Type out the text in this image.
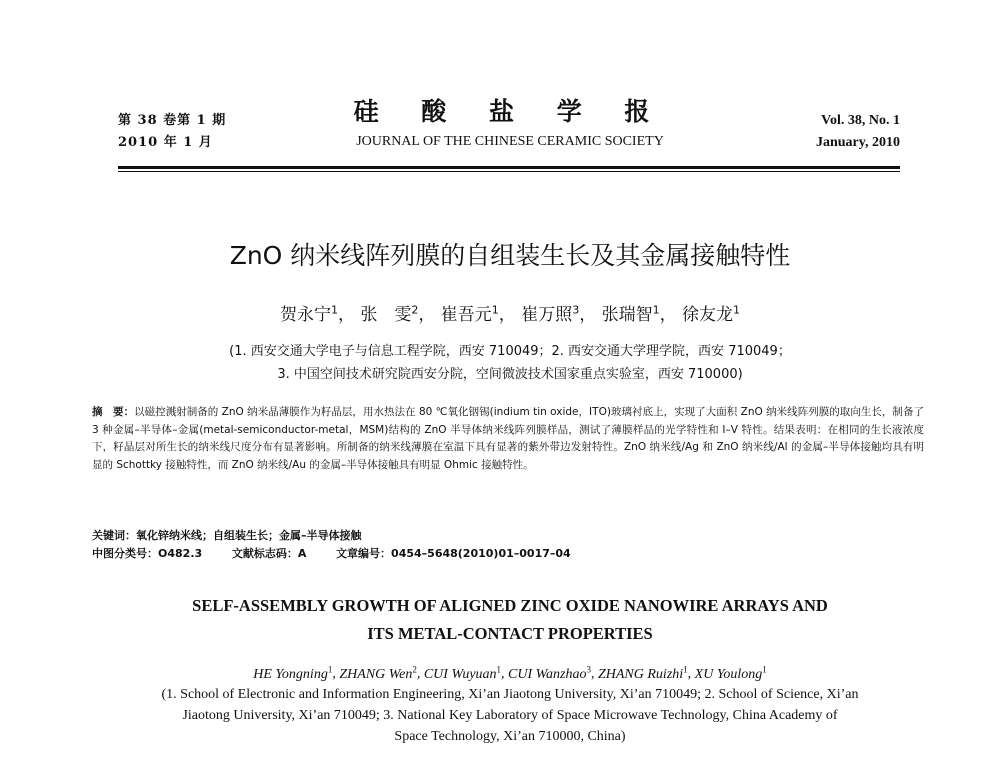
第 38 卷第 1 期
2010 年 1 月
硅 酸 盐 学 报
JOURNAL OF THE CHINESE CERAMIC SOCIETY
Vol. 38, No. 1
January, 2010
ZnO 纳米线阵列膜的自组装生长及其金属接触特性
贺永宁$^1$， 张　雯$^2$， 崔吾元$^1$， 崔万照$^3$， 张瑞智$^1$， 徐友龙$^1$
(1. 西安交通大学电子与信息工程学院，西安 710049；2. 西安交通大学理学院，西安 710049；
3. 中国空间技术研究院西安分院，空间微波技术国家重点实验室，西安 710000)
摘　要：以磁控溅射制备的 ZnO 纳米晶薄膜作为籽晶层，用水热法在 80 ℃氧化铟锡(indium tin oxide，ITO)玻璃衬底上，实现了大面积 ZnO 纳米线阵列膜的取向生长，制备了 3 种金属–半导体–金属(metal-semiconductor-metal，MSM)结构的 ZnO 半导体纳米线阵列膜样品，测试了薄膜样品的光学特性和 I–V 特性。结果表明：在相同的生长液浓度下，籽晶层对所生长的纳米线尺度分布有显著影响。所制备的纳米线薄膜在室温下具有显著的紫外带边发射特性。ZnO 纳米线/Ag 和 ZnO 纳米线/Al 的金属–半导体接触均具有明显的 Schottky 接触特性，而 ZnO 纳米线/Au 的金属–半导体接触具有明显 Ohmic 接触特性。
关键词：氧化锌纳米线；自组装生长；金属–半导体接触
中图分类号：O482.3	文献标志码：A	文章编号：0454–5648(2010)01–0017–04
SELF-ASSEMBLY GROWTH OF ALIGNED ZINC OXIDE NANOWIRE ARRAYS AND
ITS METAL-CONTACT PROPERTIES
HE Yongning$^1$, ZHANG Wen$^2$, CUI Wuyuan$^1$, CUI Wanzhao$^3$, ZHANG Ruizhi$^1$, XU Youlong$^1$
(1. School of Electronic and Information Engineering, Xi’an Jiaotong University, Xi’an 710049; 2. School of Science, Xi’an
Jiaotong University, Xi’an 710049; 3. National Key Laboratory of Space Microwave Technology, China Academy of
Space Technology, Xi’an 710000, China)
